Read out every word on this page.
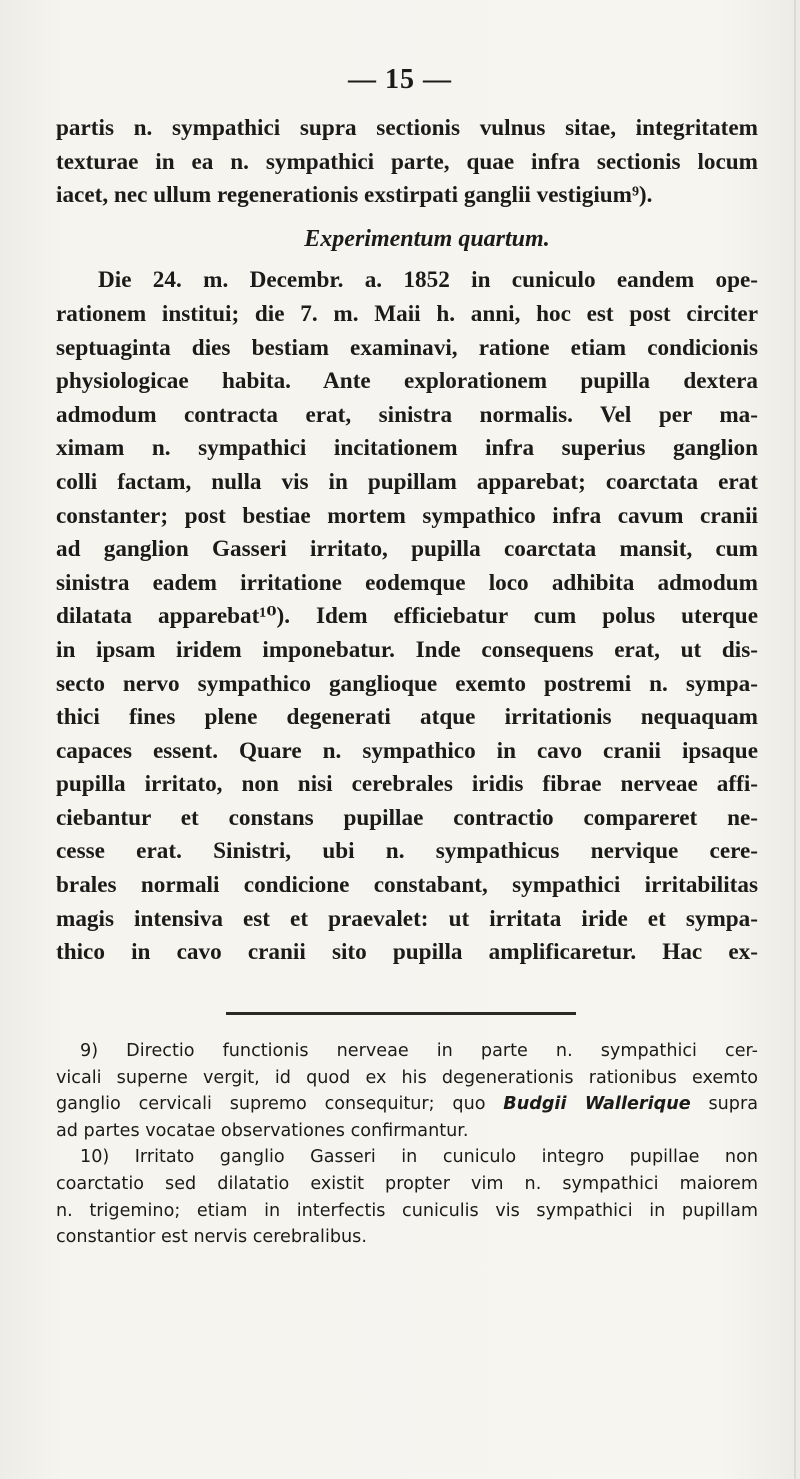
— 15 —
partis n. sympathici supra sectionis vulnus sitae, integritatem
texturae in ea n. sympathici parte, quae infra sectionis locum
iacet, nec ullum regenerationis exstirpati ganglii vestigium⁹).
Experimentum quartum.
Die 24. m. Decembr. a. 1852 in cuniculo eandem ope-
rationem institui; die 7. m. Maii h. anni, hoc est post circiter
septuaginta dies bestiam examinavi, ratione etiam condicionis
physiologicae habita. Ante explorationem pupilla dextera
admodum contracta erat, sinistra normalis. Vel per ma-
ximam n. sympathici incitationem infra superius ganglion
colli factam, nulla vis in pupillam apparebat; coarctata erat
constanter; post bestiae mortem sympathico infra cavum cranii
ad ganglion Gasseri irritato, pupilla coarctata mansit, cum
sinistra eadem irritatione eodemque loco adhibita admodum
dilatata apparebat¹⁰). Idem efficiebatur cum polus uterque
in ipsam iridem imponebatur. Inde consequens erat, ut dis-
secto nervo sympathico ganglioque exemto postremi n. sympa-
thici fines plene degenerati atque irritationis nequaquam
capaces essent. Quare n. sympathico in cavo cranii ipsaque
pupilla irritato, non nisi cerebrales iridis fibrae nerveae affi-
ciebantur et constans pupillae contractio compareret ne-
cesse erat. Sinistri, ubi n. sympathicus nervique cere-
brales normali condicione constabant, sympathici irritabilitas
magis intensiva est et praevalet: ut irritata iride et sympa-
thico in cavo cranii sito pupilla amplificaretur. Hac ex-
9) Directio functionis nerveae in parte n. sympathici cer-
vicali superne vergit, id quod ex his degenerationis rationibus exemto
ganglio cervicali supremo consequitur; quo Budgii Wallerique supra
ad partes vocatae observationes confirmantur.
10) Irritato ganglio Gasseri in cuniculo integro pupillae non
coarctatio sed dilatatio existit propter vim n. sympathici maiorem
n. trigemino; etiam in interfectis cuniculis vis sympathici in pupillam
constantior est nervis cerebralibus.
